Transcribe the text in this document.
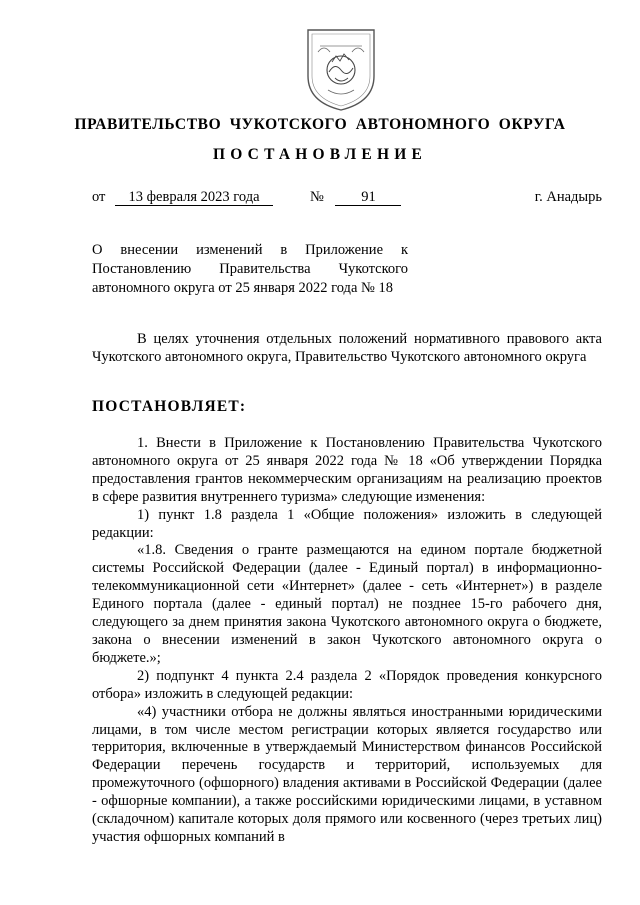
ПРАВИТЕЛЬСТВО ЧУКОТСКОГО АВТОНОМНОГО ОКРУГА
ПОСТАНОВЛЕНИЕ
от 13 февраля 2023 года	№	91	г. Анадырь
О внесении изменений в Приложение к
Постановлению Правительства Чукотского
автономного округа от 25 января 2022 года № 18

В целях уточнения отдельных положений нормативного правового акта Чукотского автономного округа, Правительство Чукотского автономного округа

ПОСТАНОВЛЯЕТ:

1. Внести в Приложение к Постановлению Правительства Чукотского автономного округа от 25 января 2022 года № 18 «Об утверждении Порядка предоставления грантов некоммерческим организациям на реализацию проектов в сфере развития внутреннего туризма» следующие изменения:

1) пункт 1.8 раздела 1 «Общие положения» изложить в следующей редакции:

«1.8. Сведения о гранте размещаются на едином портале бюджетной системы Российской Федерации (далее - Единый портал) в информационно-телекоммуникационной сети «Интернет» (далее - сеть «Интернет») в разделе Единого портала (далее - единый портал) не позднее 15-го рабочего дня, следующего за днем принятия закона Чукотского автономного округа о бюджете, закона о внесении изменений в закон Чукотского автономного округа о бюджете.»;

2) подпункт 4 пункта 2.4 раздела 2 «Порядок проведения конкурсного отбора» изложить в следующей редакции:

«4) участники отбора не должны являться иностранными юридическими лицами, в том числе местом регистрации которых является государство или территория, включенные в утверждаемый Министерством финансов Российской Федерации перечень государств и территорий, используемых для промежуточного (офшорного) владения активами в Российской Федерации (далее - офшорные компании), а также российскими юридическими лицами, в уставном (складочном) капитале которых доля прямого или косвенного (через третьих лиц) участия офшорных компаний в
